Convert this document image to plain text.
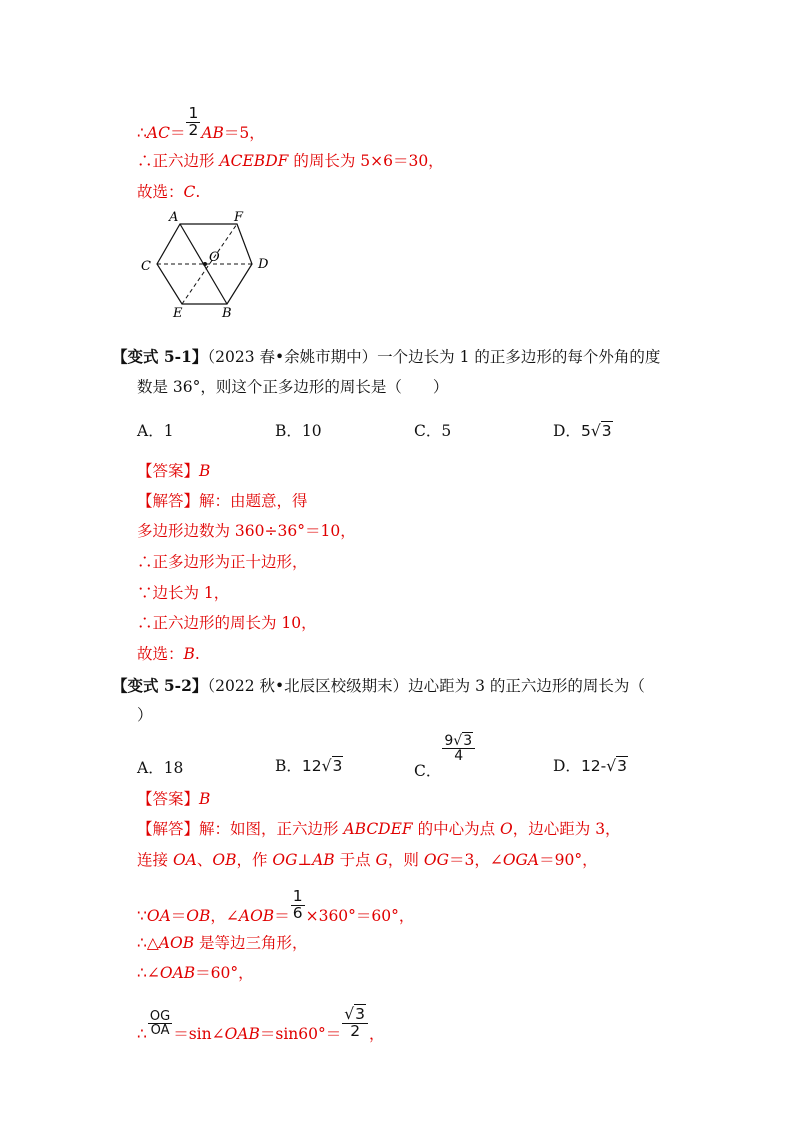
∴AC＝ $\frac{1}{2} AB=5$，
∴正六边形 ACEBDF 的周长为 5×6＝30，
故选：C.
A	F
C	D
O
E	B
【变式 5-1】（2023 春•余姚市期中）一个边长为 1 的正多边形的每个外角的度
数是 36°，则这个正多边形的周长是（　　）
A．1	B．10	C．5	D．5√3
【答案】B
【解答】解：由题意，得
多边形边数为 360÷36°＝10，
∴正多边形为正十边形，
∵边长为 1，
∴正六边形的周长为 10，
故选：B.
【变式 5-2】（2022 秋•北辰区校级期末）边心距为 3 的正六边形的周长为（
）
A．18	B．12√3	C．
$\frac{9√3}{4}$
D．12-√3
【答案】B
【解答】解：如图，正六边形 ABCDEF 的中心为点 O，边心距为 3，
连接 OA、OB，作 OG⊥AB 于点 G，则 OG＝3，∠OGA＝90°，
∵OA＝OB，∠AOB＝ $\frac{1}{6} \times 360^\circ=60^\circ$，
∴△AOB 是等边三角形，
∴∠OAB＝60°，
∴ $\frac{OG}{OA}$ ＝sin∠OAB＝sin60°＝ $\frac{√3}{2}$ ，
